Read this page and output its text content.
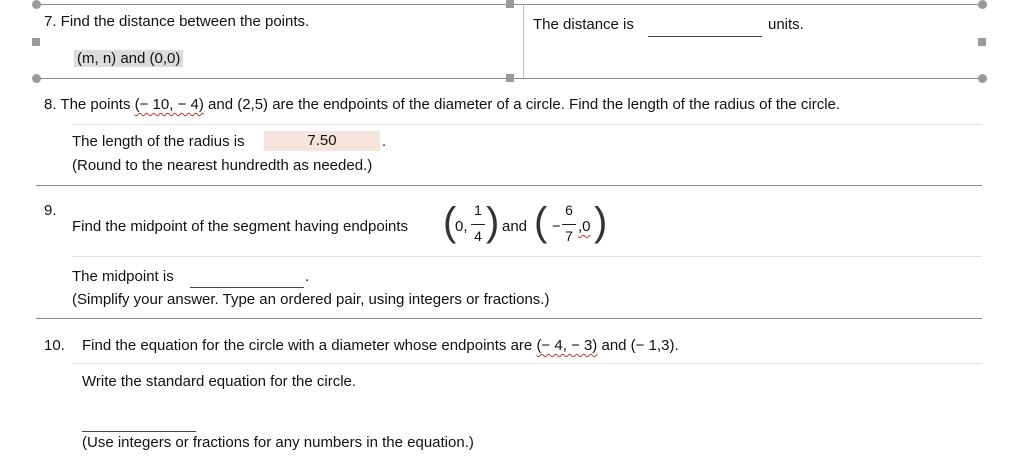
7. Find the distance between the points.
(m, n) and (0,0)
The distance is	units.
8. The points (− 10, − 4) and (2,5) are the endpoints of the diameter of a circle. Find the length of the radius of the circle.
The length of the radius is	7.50	.
(Round to the nearest hundredth as needed.)
9.
Find the midpoint of the segment having endpoints (
0,
1
4 ) and ( −
6
7
,0 )
The midpoint is	.
(Simplify your answer. Type an ordered pair, using integers or fractions.)
10. Find the equation for the circle with a diameter whose endpoints are (− 4, − 3) and (− 1,3).
Write the standard equation for the circle.
(Use integers or fractions for any numbers in the equation.)
